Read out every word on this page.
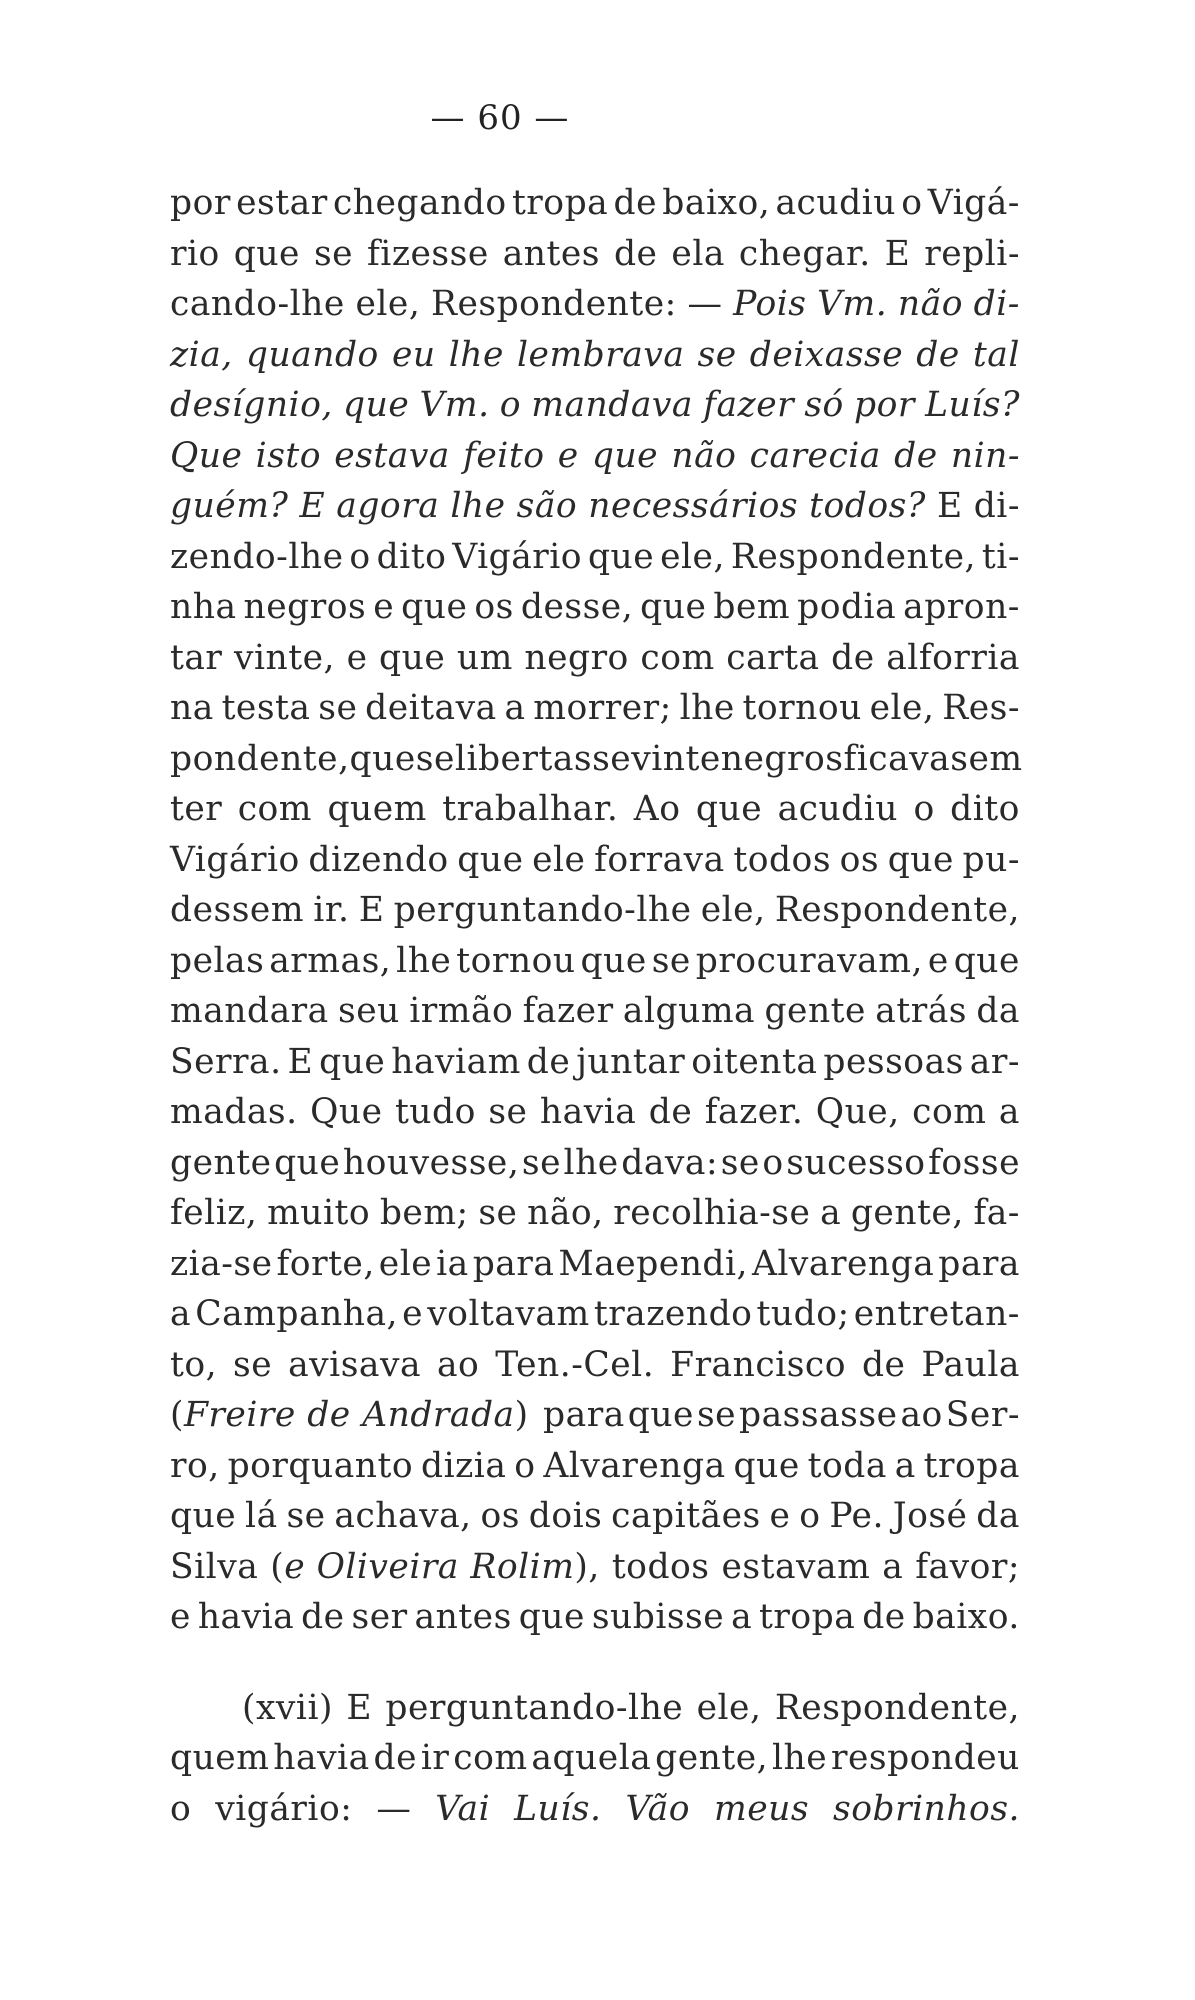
— 60 —
por estar chegando tropa de baixo, acudiu o Vigá-
rio que se fizesse antes de ela chegar. E repli-
cando-lhe ele, Respondente: — Pois Vm. não di-
zia, quando eu lhe lembrava se deixasse de tal
desígnio, que Vm. o mandava fazer só por Luís?
Que isto estava feito e que não carecia de nin-
guém? E agora lhe são necessários todos? E di-
zendo-lhe o dito Vigário que ele, Respondente, ti-
nha negros e que os desse, que bem podia apron-
tar vinte, e que um negro com carta de alforria
na testa se deitava a morrer; lhe tornou ele, Res-
pondente, que se libertasse vinte negros ficava sem
ter com quem trabalhar. Ao que acudiu o dito
Vigário dizendo que ele forrava todos os que pu-
dessem ir. E perguntando-lhe ele, Respondente,
pelas armas, lhe tornou que se procuravam, e que
mandara seu irmão fazer alguma gente atrás da
Serra. E que haviam de juntar oitenta pessoas ar-
madas. Que tudo se havia de fazer. Que, com a
gente que houvesse, se lhe dava: se o sucesso fosse
feliz, muito bem; se não, recolhia-se a gente, fa-
zia-se forte, ele ia para Maependi, Alvarenga para
a Campanha, e voltavam trazendo tudo; entretan-
to, se avisava ao Ten.-Cel. Francisco de Paula
(Freire de Andrada) para que se passasse ao Ser-
ro, porquanto dizia o Alvarenga que toda a tropa
que lá se achava, os dois capitães e o Pe. José da
Silva (e Oliveira Rolim), todos estavam a favor;
e havia de ser antes que subisse a tropa de baixo.
(xvii) E perguntando-lhe ele, Respondente,
quem havia de ir com aquela gente, lhe respondeu
o vigário: — Vai Luís. Vão meus sobrinhos.
